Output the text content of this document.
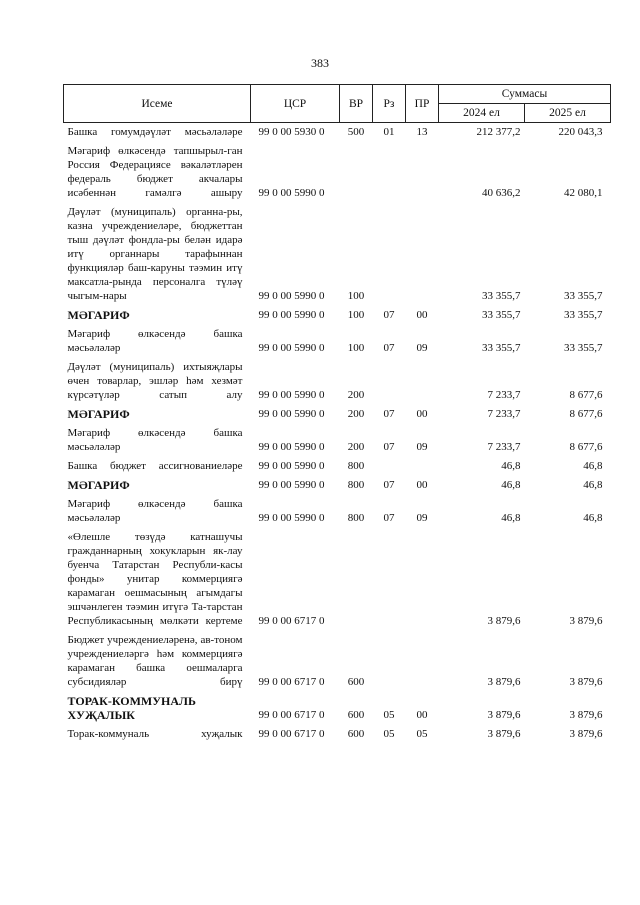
383
Исеме	ЦСР	ВР	Рз	ПР	Суммасы	
					2024 ел	2025 ел
Башка гомумдәүләт мәсьәләләре	99 0 00 5930 0	500	01	13	212 377,2	220 043,3
Мәгариф өлкәсендә тапшырыл-ган Россия Федерациясе вәкаләтләрен федераль бюджет акчалары исәбеннән гамәлгә ашыру	99 0 00 5990 0				40 636,2	42 080,1
Дәүләт (муниципаль) органна-ры, казна учреждениеләре, бюджеттан тыш дәүләт фондла-ры белән идарә итү органнары тарафыннан функцияләр баш-каруны тәэмин итү максатла-рында персоналга түләү чыгым-нары	99 0 00 5990 0	100			33 355,7	33 355,7
МӘГАРИФ	99 0 00 5990 0	100	07	00	33 355,7	33 355,7
Мәгариф өлкәсендә башка мәсьәләләр	99 0 00 5990 0	100	07	09	33 355,7	33 355,7
Дәүләт (муниципаль) ихтыяҗлары өчен товарлар, эшләр һәм хезмәт күрсәтүләр сатып алу	99 0 00 5990 0	200			7 233,7	8 677,6
МӘГАРИФ	99 0 00 5990 0	200	07	00	7 233,7	8 677,6
Мәгариф өлкәсендә башка мәсьәләләр	99 0 00 5990 0	200	07	09	7 233,7	8 677,6
Башка бюджет ассигнованиеләре	99 0 00 5990 0	800			46,8	46,8
МӘГАРИФ	99 0 00 5990 0	800	07	00	46,8	46,8
Мәгариф өлкәсендә башка мәсьәләләр	99 0 00 5990 0	800	07	09	46,8	46,8
«Өлешле төзүдә катнашучы гражданнарның хокукларын як-лау буенча Татарстан Республи-касы фонды» унитар коммерциягә карамаган оешмасының агымдагы эшчәнлеген тәэмин итүгә Та-тарстан Республикасының мөлкәти кертеме	99 0 00 6717 0				3 879,6	3 879,6
Бюджет учреждениеләренә, ав-тоном учреждениеләргә һәм коммерциягә карамаган башка оешмаларга субсидияләр бирү	99 0 00 6717 0	600			3 879,6	3 879,6
ТОРАК-КОММУНАЛЬ ХУҖАЛЫК	99 0 00 6717 0	600	05	00	3 879,6	3 879,6
Торак-коммуналь хуҗалык	99 0 00 6717 0	600	05	05	3 879,6	3 879,6
